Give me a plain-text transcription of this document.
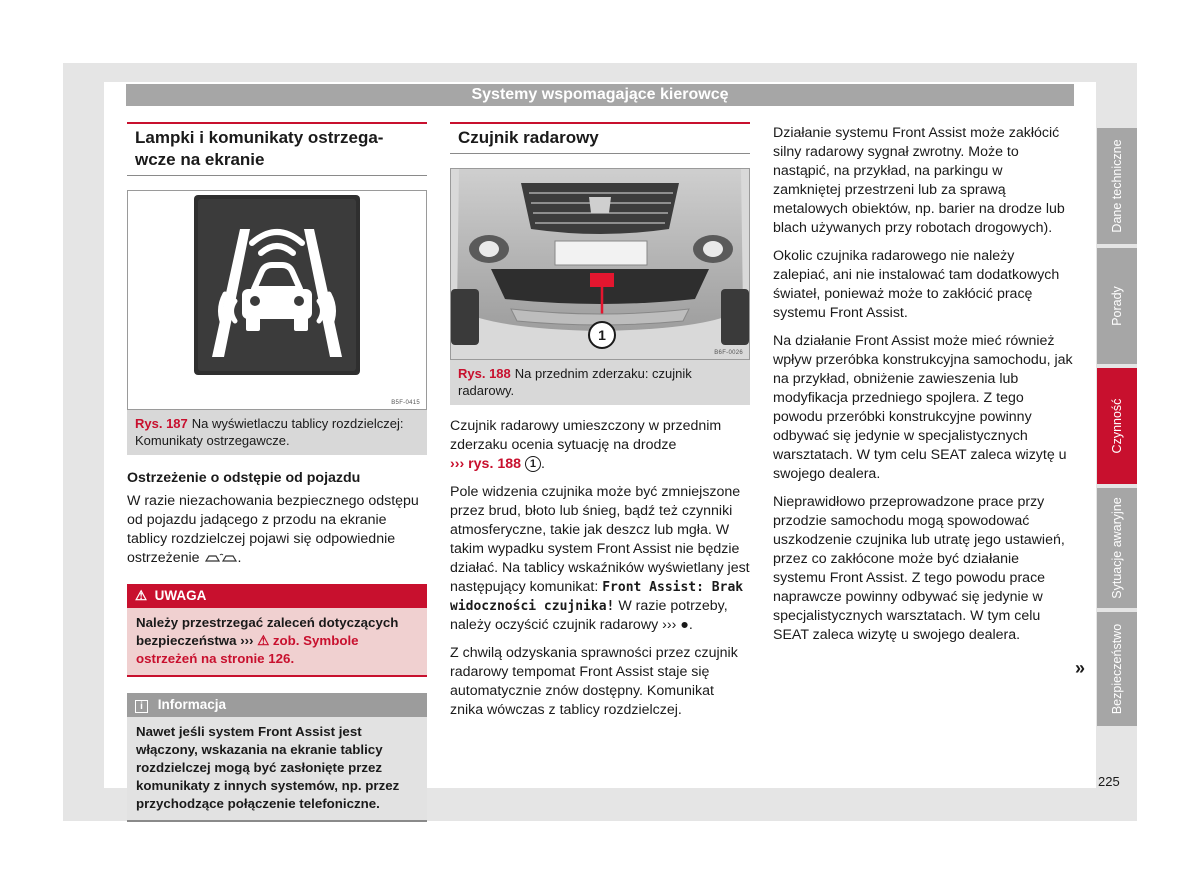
Systemy wspomagające kierowcę
Lampki i komunikaty ostrzega-wcze na ekranie
B5F-0415
Rys. 187 Na wyświetlaczu tablicy rozdzielczej: Komunikaty ostrzegawcze.
Ostrzeżenie o odstępie od pojazdu

W razie niezachowania bezpiecznego odstępu od pojazdu jadącego z przodu na ekranie tablicy rozdzielczej pojawi się odpowiednie ostrzeżenie	.

⚠ UWAGA
Należy przestrzegać zaleceń dotyczących bezpieczeństwa ››› ⚠ zob. Symbole ostrzeżeń na stronie 126.
i Informacja
Nawet jeśli system Front Assist jest włączony, wskazania na ekranie tablicy rozdzielczej mogą być zasłonięte przez komunikaty z innych systemów, np. przez przychodzące połączenie telefoniczne.
Czujnik radarowy
1
B6F-0026
Rys. 188 Na przednim zderzaku: czujnik radarowy.

Czujnik radarowy umieszczony w przednim zderzaku ocenia sytuację na drodze
››› rys. 188 1 .

Pole widzenia czujnika może być zmniejszone przez brud, błoto lub śnieg, bądź też czynniki atmosferyczne, takie jak deszcz lub mgła. W takim wypadku system Front Assist nie będzie działać. Na tablicy wskaźników wyświetlany jest następujący komunikat: Front Assist: Brak widoczności czujnika! W razie potrzeby, należy oczyścić czujnik radarowy ››› ●.

Z chwilą odzyskania sprawności przez czujnik radarowy tempomat Front Assist staje się automatycznie znów dostępny. Komunikat znika wówczas z tablicy rozdzielczej.

Działanie systemu Front Assist może zakłócić silny radarowy sygnał zwrotny. Może to nastąpić, na przykład, na parkingu w zamkniętej przestrzeni lub za sprawą metalowych obiektów, np. barier na drodze lub blach używanych przy robotach drogowych).

Okolic czujnika radarowego nie należy zalepiać, ani nie instalować tam dodatkowych świateł, ponieważ może to zakłócić pracę systemu Front Assist.

Na działanie Front Assist może mieć również wpływ przeróbka konstrukcyjna samochodu, jak na przykład, obniżenie zawieszenia lub modyfikacja przedniego spojlera. Z tego powodu przeróbki konstrukcyjne powinny odbywać się jedynie w specjalistycznych warsztatach. W tym celu SEAT zaleca wizytę u swojego dealera.

Nieprawidłowo przeprowadzone prace przy przodzie samochodu mogą spowodować uszkodzenie czujnika lub utratę jego ustawień, przez co zakłócone może być działanie systemu Front Assist. Z tego powodu prace naprawcze powinny odbywać się jedynie w specjalistycznych warsztatach. W tym celu SEAT zaleca wizytę u swojego dealera.

»
Dane techniczne
Porady
Czynność
Sytuacje awaryjne
Bezpieczeństwo
225
